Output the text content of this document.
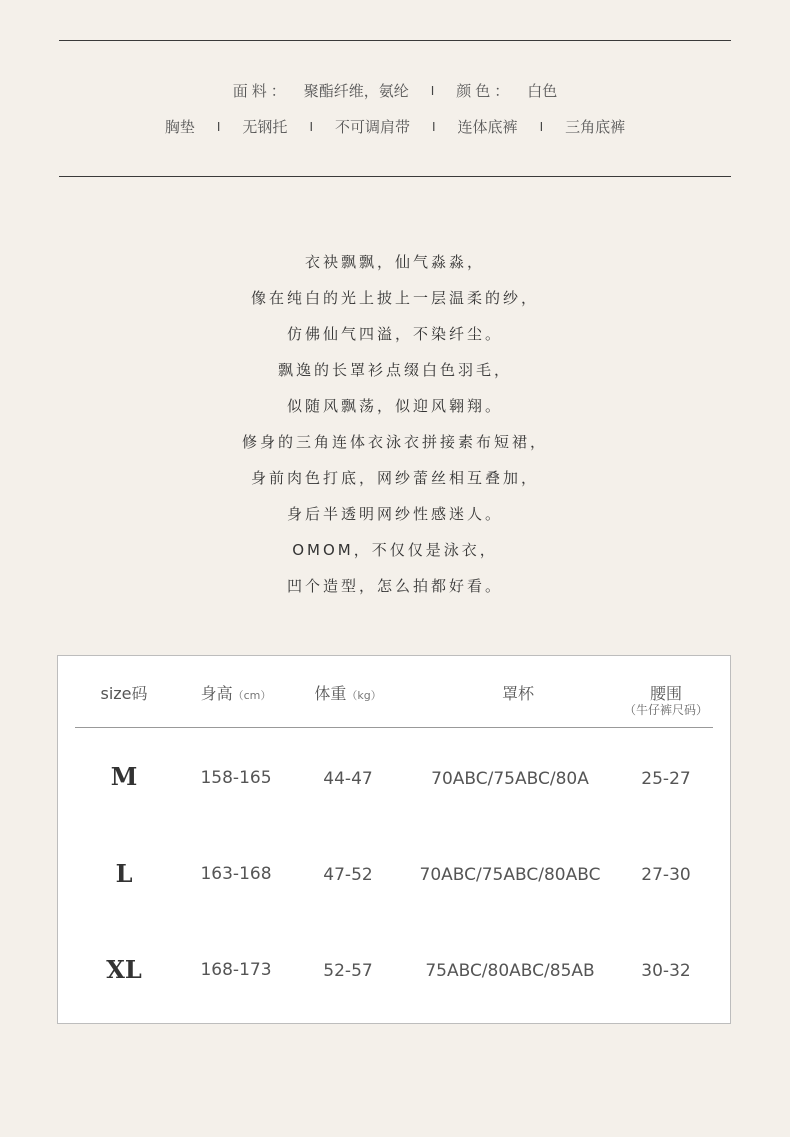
面料： 聚酯纤维，氨纶 I 颜色： 白色
胸垫 I 无钢托 I 不可调肩带 I 连体底裤 I 三角底裤
衣袂飘飘，仙气淼淼，
像在纯白的光上披上一层温柔的纱，
仿佛仙气四溢，不染纤尘。
飘逸的长罩衫点缀白色羽毛，
似随风飘荡，似迎风翱翔。
修身的三角连体衣泳衣拼接素布短裙，
身前肉色打底，网纱蕾丝相互叠加，
身后半透明网纱性感迷人。
OMOM，不仅仅是泳衣，
凹个造型，怎么拍都好看。
size码	身高（cm）	体重（kg）	罩杯	腰围
（牛仔裤尺码）
M	158-165	44-47	70ABC/75ABC/80A	25-27
L	163-168	47-52	70ABC/75ABC/80ABC 27-30
XL	168-173	52-57	75ABC/80ABC/85AB	30-32
